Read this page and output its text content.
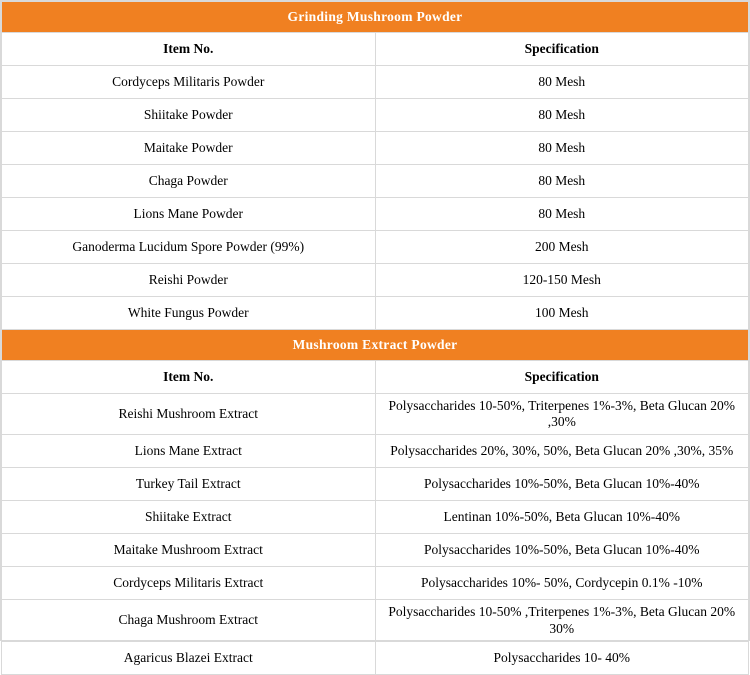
Grinding Mushroom Powder	

Item No.	Specification

Cordyceps Militaris Powder	80 Mesh

Shiitake Powder	80 Mesh

Maitake Powder	80 Mesh

Chaga Powder	80 Mesh

Lions Mane Powder	80 Mesh

Ganoderma Lucidum Spore Powder (99%)	200 Mesh

Reishi Powder	120-150 Mesh

White Fungus Powder	100 Mesh

Mushroom Extract Powder	

Item No.	Specification

Reishi Mushroom Extract	Polysaccharides 10-50%, Triterpenes 1%-3%, Beta Glucan 20% ,30%

Lions Mane Extract	Polysaccharides 20%, 30%, 50%, Beta Glucan 20% ,30%, 35%

Turkey Tail Extract	Polysaccharides 10%-50%, Beta Glucan 10%-40%

Shiitake Extract	Lentinan 10%-50%, Beta Glucan 10%-40%

Maitake Mushroom Extract	Polysaccharides 10%-50%, Beta Glucan 10%-40%

Cordyceps Militaris Extract	Polysaccharides 10%- 50%, Cordycepin 0.1% -10%

Chaga Mushroom Extract	Polysaccharides 10-50% ,Triterpenes 1%-3%, Beta Glucan 20% 30%

Agaricus Blazei Extract	Polysaccharides 10- 40%
